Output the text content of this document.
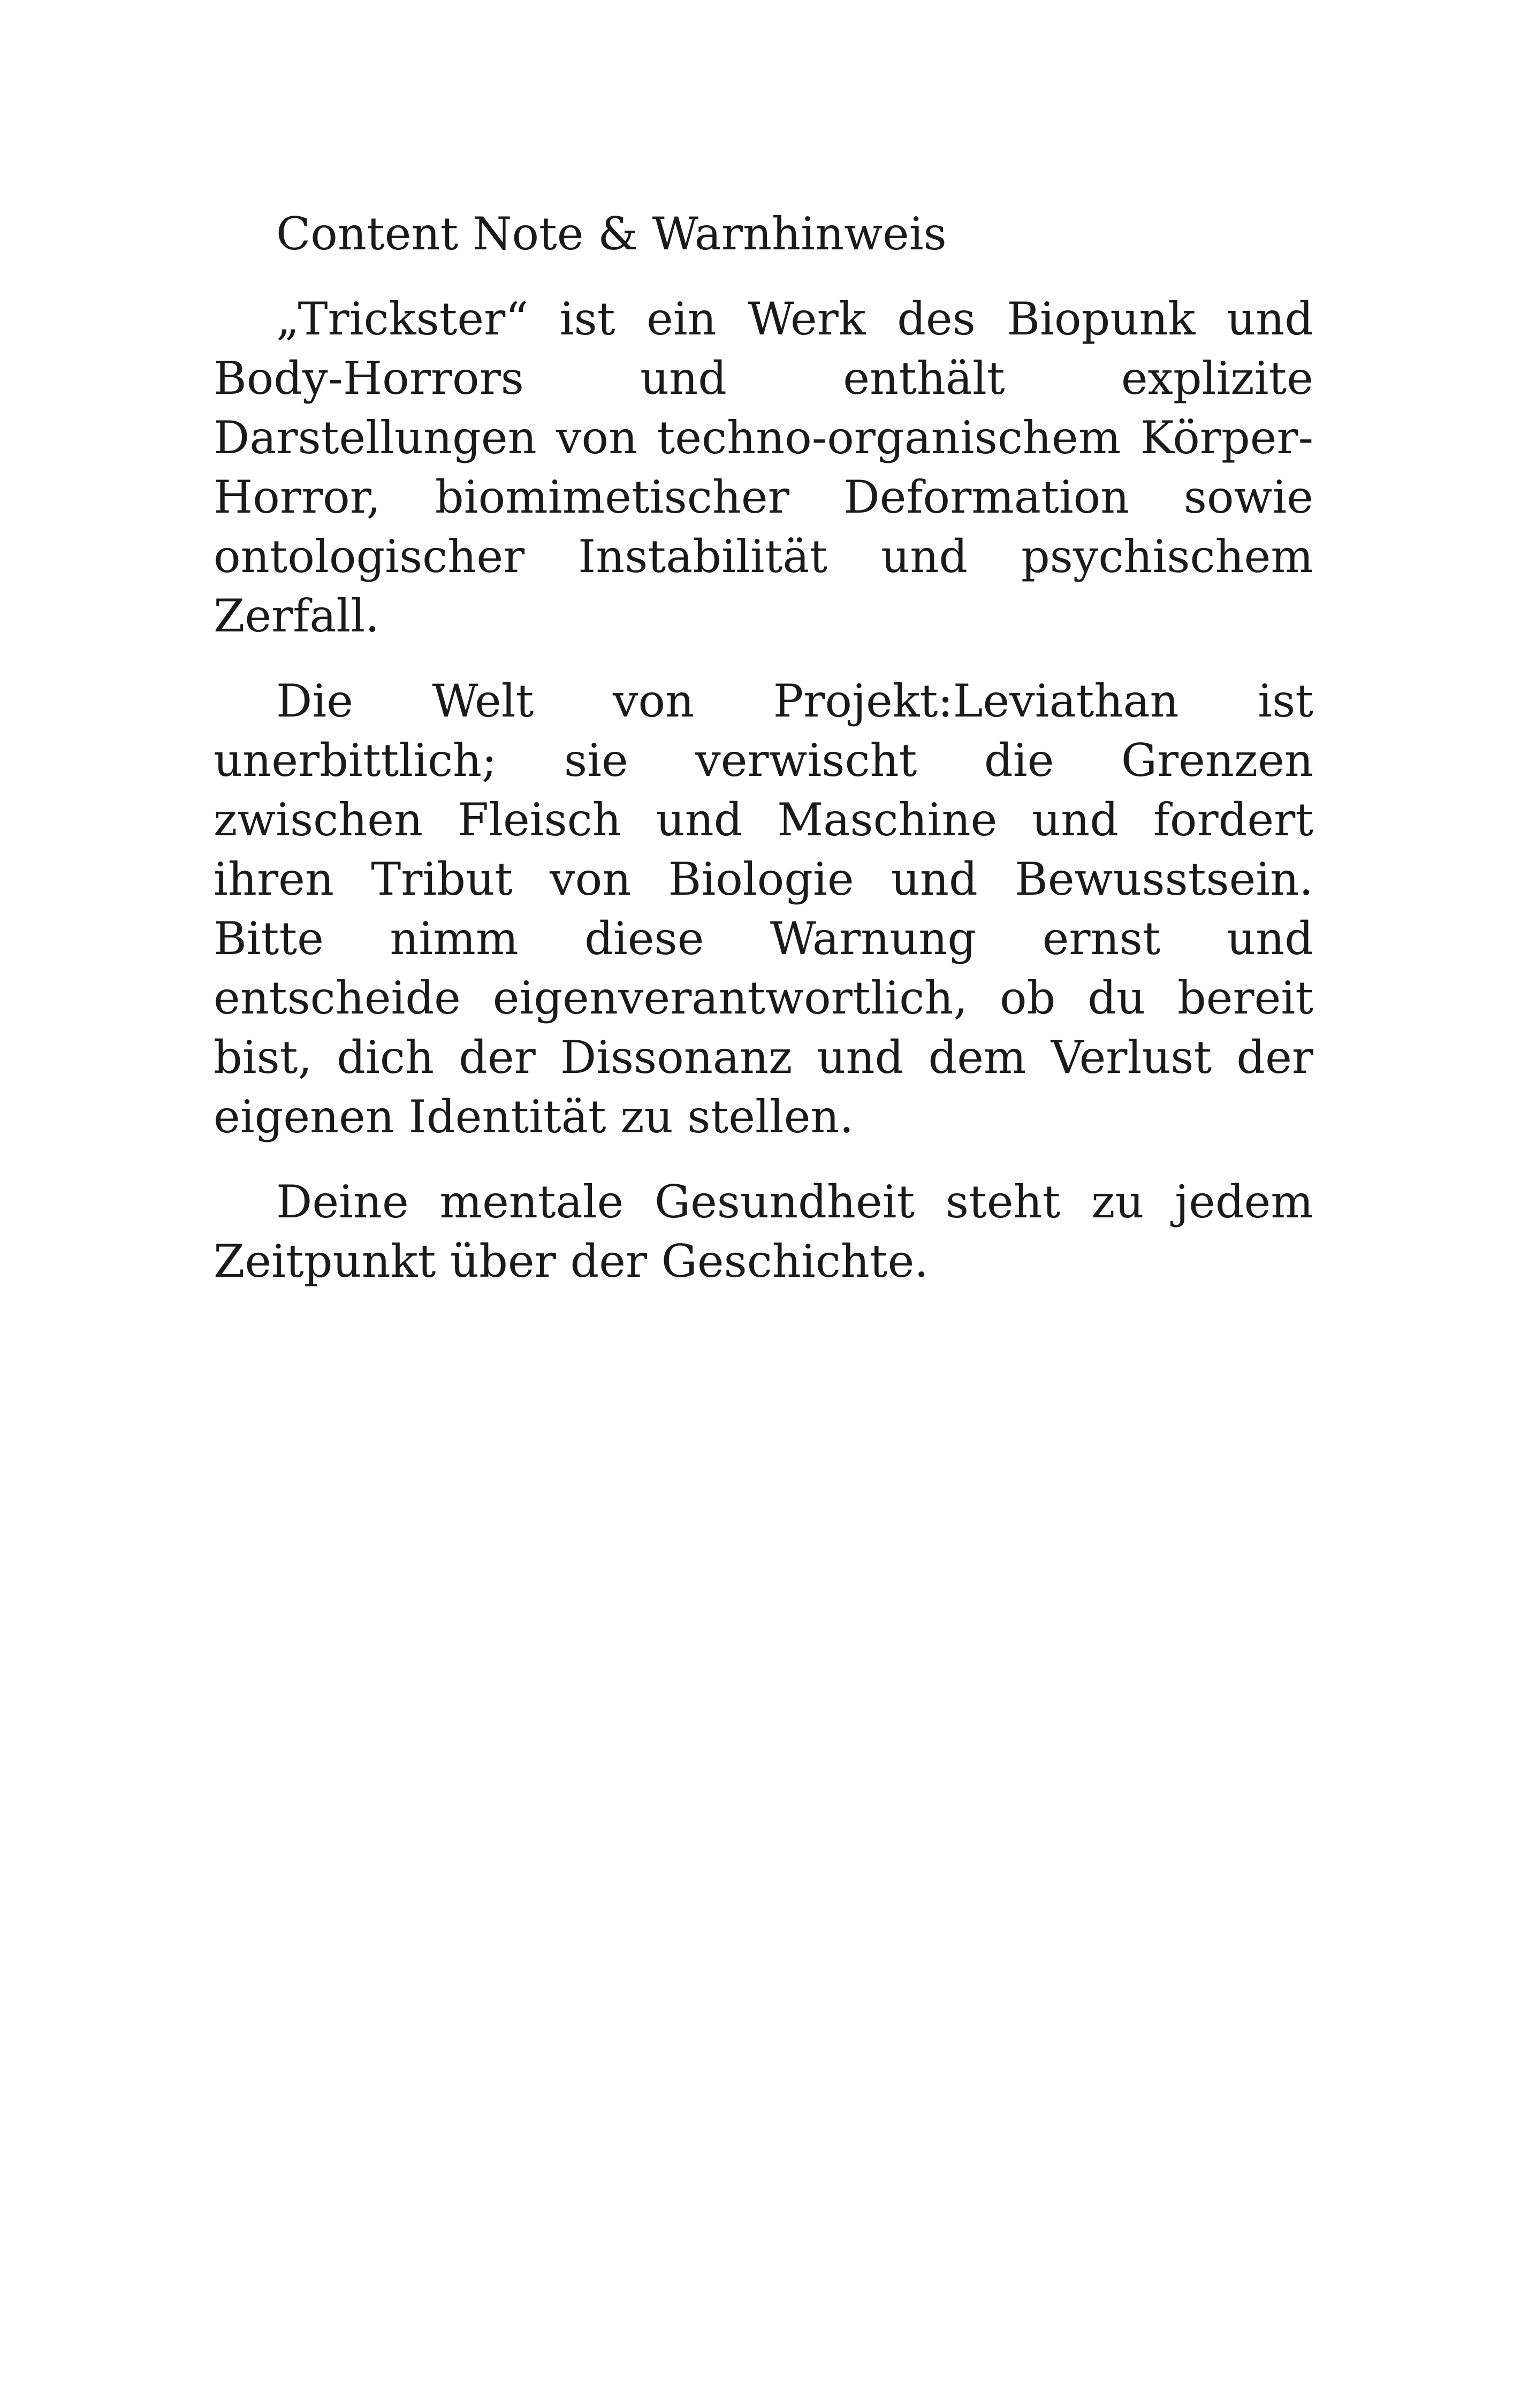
Content Note & Warnhinweis

„Trickster“ ist ein Werk des Biopunk und Body-Horrors und enthält explizite Darstellungen von techno-organischem Körper-Horror, biomimetischer Deformation sowie ontologischer Instabilität und psychischem Zerfall.

Die Welt von Projekt:Leviathan ist unerbittlich; sie verwischt die Grenzen zwischen Fleisch und Maschine und fordert ihren Tribut von Biologie und Bewusstsein. Bitte nimm diese Warnung ernst und entscheide eigenverantwortlich, ob du bereit bist, dich der Dissonanz und dem Verlust der eigenen Identität zu stellen.

Deine mentale Gesundheit steht zu jedem Zeitpunkt über der Geschichte.
